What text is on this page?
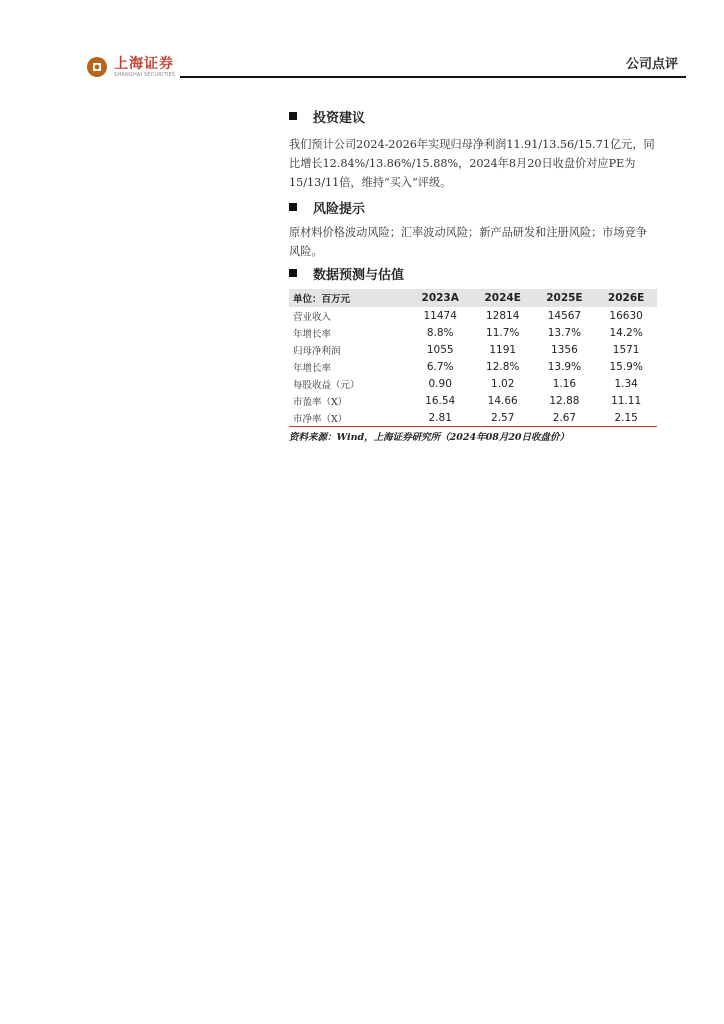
上海证券
SHANGHAI SECURITIES
公司点评
投资建议

我们预计公司2024-2026年实现归母净利润11.91/13.56/15.71亿元，同比增长12.84%/13.86%/15.88%，2024年8月20日收盘价对应PE为15/13/11倍，维持“买入”评级。

风险提示

原材料价格波动风险；汇率波动风险；新产品研发和注册风险；市场竞争风险。

数据预测与估值
单位：百万元	2023A	2024E	2025E	2026E
营业收入	11474	12814	14567	16630
年增长率	8.8%	11.7%	13.7%	14.2%
归母净利润	1055	1191	1356	1571
年增长率	6.7%	12.8%	13.9%	15.9%
每股收益（元）	0.90	1.02	1.16	1.34
市盈率（X）	16.54	14.66	12.88	11.11
市净率（X）	2.81	2.57	2.67	2.15
资料来源：Wind，上海证券研究所（2024年08月20日收盘价）
